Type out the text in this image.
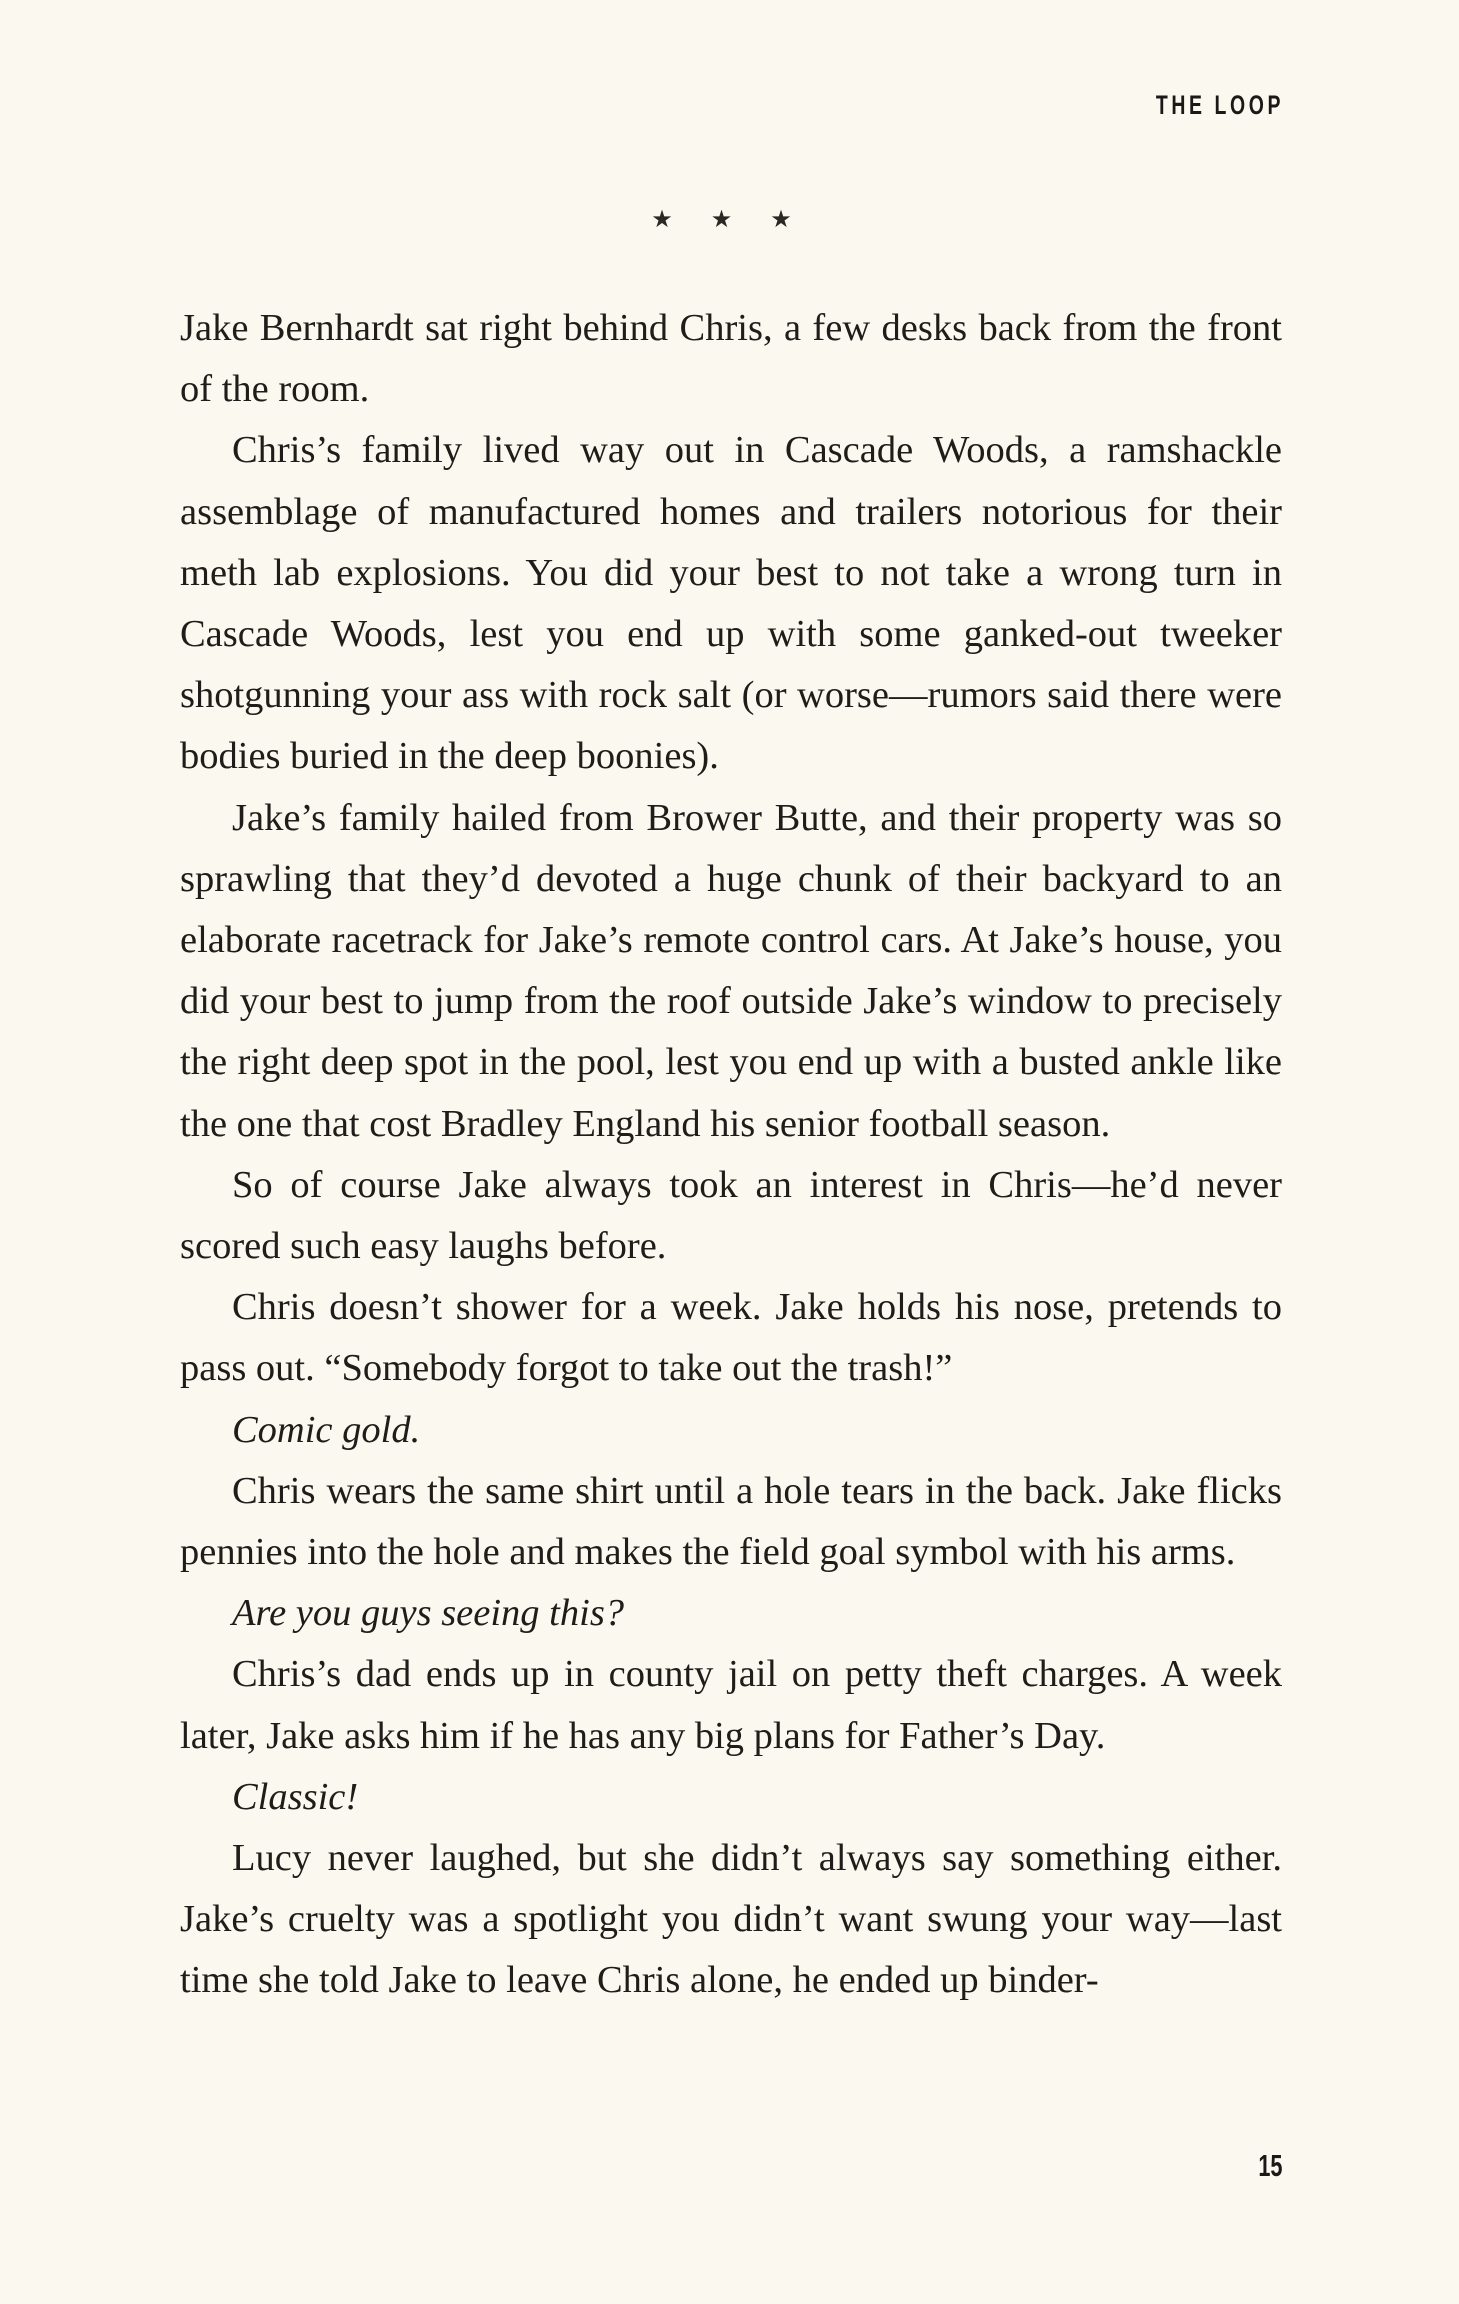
THE LOOP
★ ★ ★

Jake Bernhardt sat right behind Chris, a few desks back from the front of the room.

Chris’s family lived way out in Cascade Woods, a ramshackle assemblage of manufactured homes and trailers notorious for their meth lab explosions. You did your best to not take a wrong turn in Cascade Woods, lest you end up with some ganked-out tweeker shotgunning your ass with rock salt (or worse—rumors said there were bodies buried in the deep boonies).

Jake’s family hailed from Brower Butte, and their property was so sprawling that they’d devoted a huge chunk of their backyard to an elaborate racetrack for Jake’s remote control cars. At Jake’s house, you did your best to jump from the roof outside Jake’s window to precisely the right deep spot in the pool, lest you end up with a busted ankle like the one that cost Bradley England his senior football season.

So of course Jake always took an interest in Chris—he’d never scored such easy laughs before.

Chris doesn’t shower for a week. Jake holds his nose, pretends to pass out. “Somebody forgot to take out the trash!”

Comic gold.

Chris wears the same shirt until a hole tears in the back. Jake flicks pennies into the hole and makes the field goal symbol with his arms.

Are you guys seeing this?

Chris’s dad ends up in county jail on petty theft charges. A week later, Jake asks him if he has any big plans for Father’s Day.

Classic!

Lucy never laughed, but she didn’t always say something either. Jake’s cruelty was a spotlight you didn’t want swung your way—last time she told Jake to leave Chris alone, he ended up binder-

15
